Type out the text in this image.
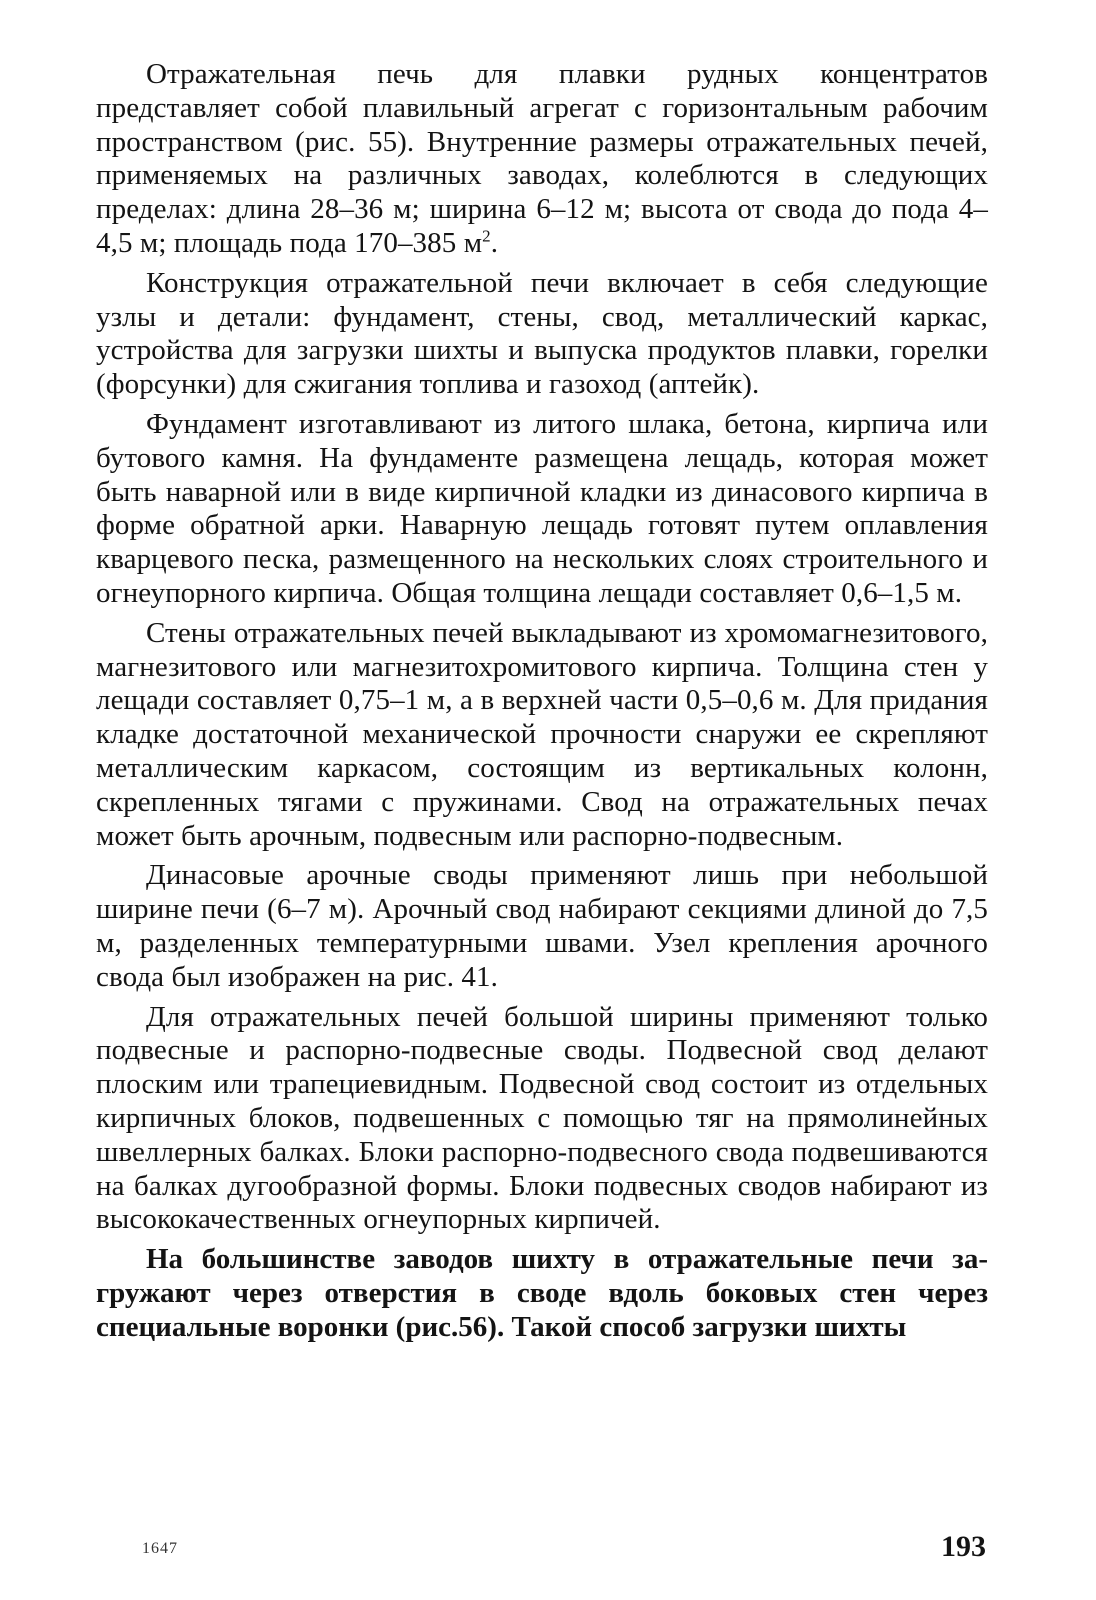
Отражательная печь для плавки рудных концентратов представляет собой плавильный агрегат с горизонтальным рабочим пространством (рис. 55). Внутренние размеры отражательных печей, применяемых на различных заводах, колеблются в следующих пределах: длина 28–36 м; ширина 6–12 м; высота от свода до пода 4–4,5 м; площадь пода 170–385 $м^2$.

Конструкция отражательной печи включает в себя следующие узлы и детали: фундамент, стены, свод, металлический каркас, устройства для загрузки шихты и выпуска продуктов плавки, горелки (форсунки) для сжигания топлива и газоход (аптейк).

Фундамент изготавливают из литого шлака, бетона, кирпича или бутового камня. На фундаменте размещена лещадь, которая может быть наварной или в виде кирпичной кладки из динасового кирпича в форме обратной арки. Наварную лещадь готовят путем оплавления кварцевого песка, размещенного на нескольких слоях строительного и огнеупорного кирпича. Общая толщина лещади составляет 0,6–1,5 м.

Стены отражательных печей выкладывают из хромомагнезитового, магнезитового или магнезитохромитового кирпича. Толщина стен у лещади составляет 0,75–1 м, а в верхней части 0,5–0,6 м. Для придания кладке достаточной механической прочности снаружи ее скрепляют металлическим каркасом, состоящим из вертикальных колонн, скрепленных тягами с пружинами. Свод на отражательных печах может быть арочным, подвесным или распорно-подвесным.

Динасовые арочные своды применяют лишь при небольшой ширине печи (6–7 м). Арочный свод набирают секциями длиной до 7,5 м, разделенных температурными швами. Узел крепления арочного свода был изображен на рис. 41.

Для отражательных печей большой ширины применяют только подвесные и распорно-подвесные своды. Подвесной свод делают плоским или трапециевидным. Подвесной свод состоит из отдельных кирпичных блоков, подвешенных с помощью тяг на прямолинейных швеллерных балках. Блоки распорно-подвесного свода подвешиваются на балках дугообразной формы. Блоки подвесных сводов набирают из высококачественных огнеупорных кирпичей.

На большинстве заводов шихту в отражательные печи загружают через отверстия в своде вдоль боковых стен через специальные воронки (рис.56). Такой способ загрузки шихты

1647	193
